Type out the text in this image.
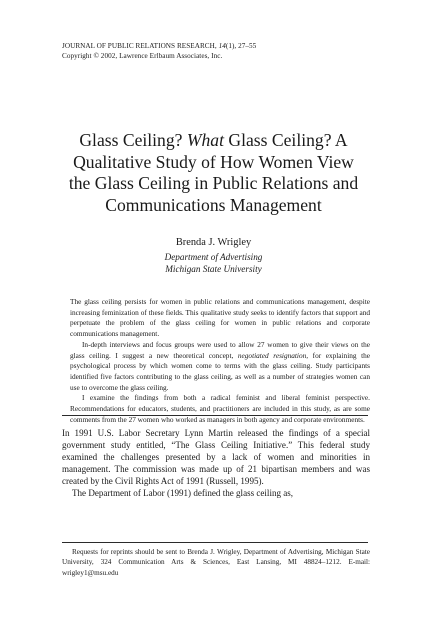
JOURNAL OF PUBLIC RELATIONS RESEARCH, 14(1), 27–55
Copyright © 2002, Lawrence Erlbaum Associates, Inc.
Glass Ceiling? What Glass Ceiling? A
Qualitative Study of How Women View
the Glass Ceiling in Public Relations and
Communications Management
Brenda J. Wrigley
Department of Advertising
Michigan State University

The glass ceiling persists for women in public relations and communications management, despite increasing feminization of these fields. This qualitative study seeks to identify factors that support and perpetuate the problem of the glass ceiling for women in public relations and corporate communications management.

In-depth interviews and focus groups were used to allow 27 women to give their views on the glass ceiling. I suggest a new theoretical concept, negotiated resignation, for explaining the psychological process by which women come to terms with the glass ceiling. Study participants identified five factors contributing to the glass ceiling, as well as a number of strategies women can use to overcome the glass ceiling.

I examine the findings from both a radical feminist and liberal feminist perspective. Recommendations for educators, students, and practitioners are included in this study, as are some comments from the 27 women who worked as managers in both agency and corporate environments.

In 1991 U.S. Labor Secretary Lynn Martin released the findings of a special government study entitled, “The Glass Ceiling Initiative.” This federal study examined the challenges presented by a lack of women and minorities in management. The commission was made up of 21 bipartisan members and was created by the Civil Rights Act of 1991 (Russell, 1995).

The Department of Labor (1991) defined the glass ceiling as,

Requests for reprints should be sent to Brenda J. Wrigley, Department of Advertising, Michigan State University, 324 Communication Arts & Sciences, East Lansing, MI 48824–1212. E-mail: wrigley1@msu.edu
